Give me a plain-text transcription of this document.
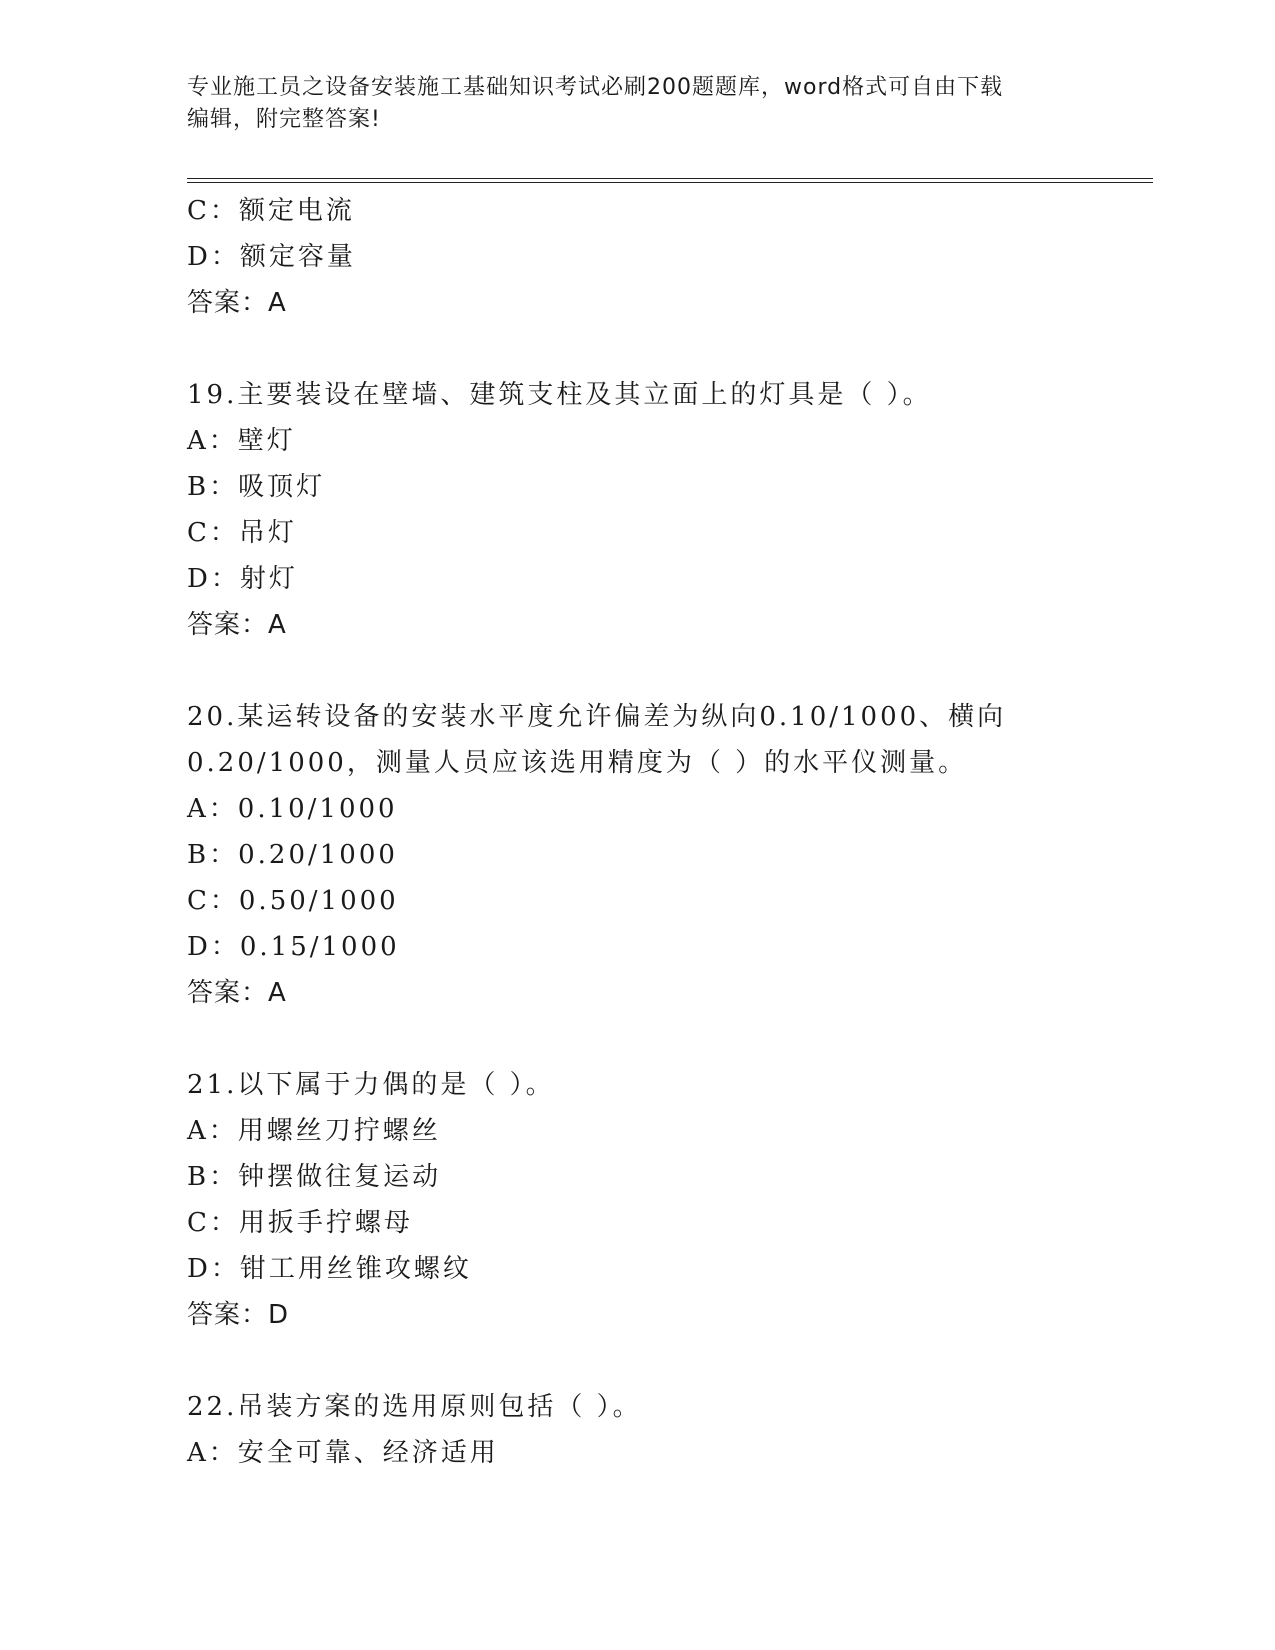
专业施工员之设备安装施工基础知识考试必刷200题题库，word格式可自由下载
编辑，附完整答案!
C：额定电流
D：额定容量
答案：A
19.主要装设在壁墙、建筑支柱及其立面上的灯具是（ ）。
A：壁灯
B：吸顶灯
C：吊灯
D：射灯
答案：A
20.某运转设备的安装水平度允许偏差为纵向0.10/1000、横向
0.20/1000，测量人员应该选用精度为（ ）的水平仪测量。
A：0.10/1000
B：0.20/1000
C：0.50/1000
D：0.15/1000
答案：A
21.以下属于力偶的是（ ）。
A：用螺丝刀拧螺丝
B：钟摆做往复运动
C：用扳手拧螺母
D：钳工用丝锥攻螺纹
答案：D
22.吊装方案的选用原则包括（ ）。
A：安全可靠、经济适用
